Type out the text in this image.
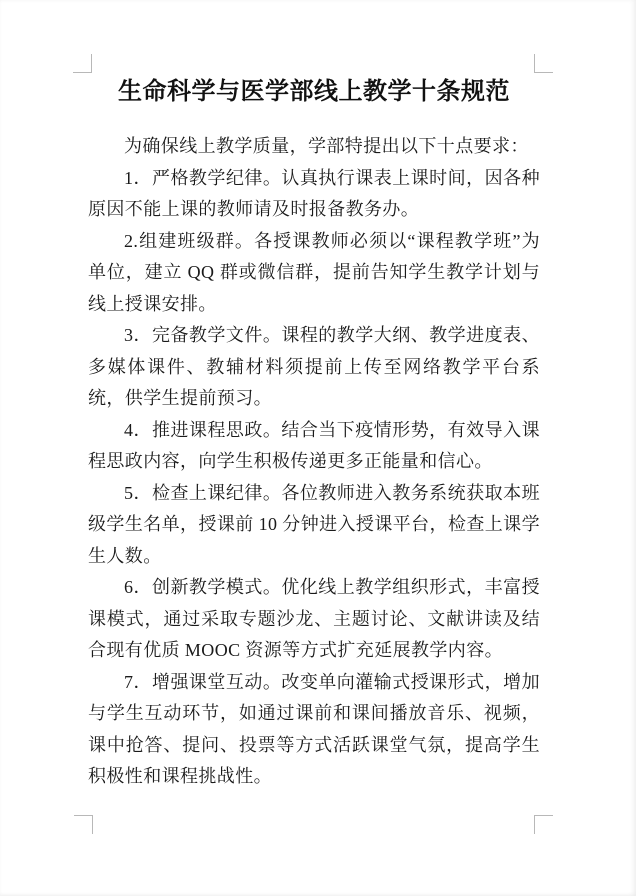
生命科学与医学部线上教学十条规范

为确保线上教学质量，学部特提出以下十点要求：

1．严格教学纪律。认真执行课表上课时间，因各种原因不能上课的教师请及时报备教务办。

2.组建班级群。各授课教师必须以“课程教学班”为单位，建立 QQ 群或微信群，提前告知学生教学计划与线上授课安排。

3．完备教学文件。课程的教学大纲、教学进度表、多媒体课件、教辅材料须提前上传至网络教学平台系统，供学生提前预习。

4．推进课程思政。结合当下疫情形势，有效导入课程思政内容，向学生积极传递更多正能量和信心。

5．检查上课纪律。各位教师进入教务系统获取本班级学生名单，授课前 10 分钟进入授课平台，检查上课学生人数。

6．创新教学模式。优化线上教学组织形式，丰富授课模式，通过采取专题沙龙、主题讨论、文献讲读及结合现有优质 MOOC 资源等方式扩充延展教学内容。

7．增强课堂互动。改变单向灌输式授课形式，增加与学生互动环节，如通过课前和课间播放音乐、视频，课中抢答、提问、投票等方式活跃课堂气氛，提高学生积极性和课程挑战性。
